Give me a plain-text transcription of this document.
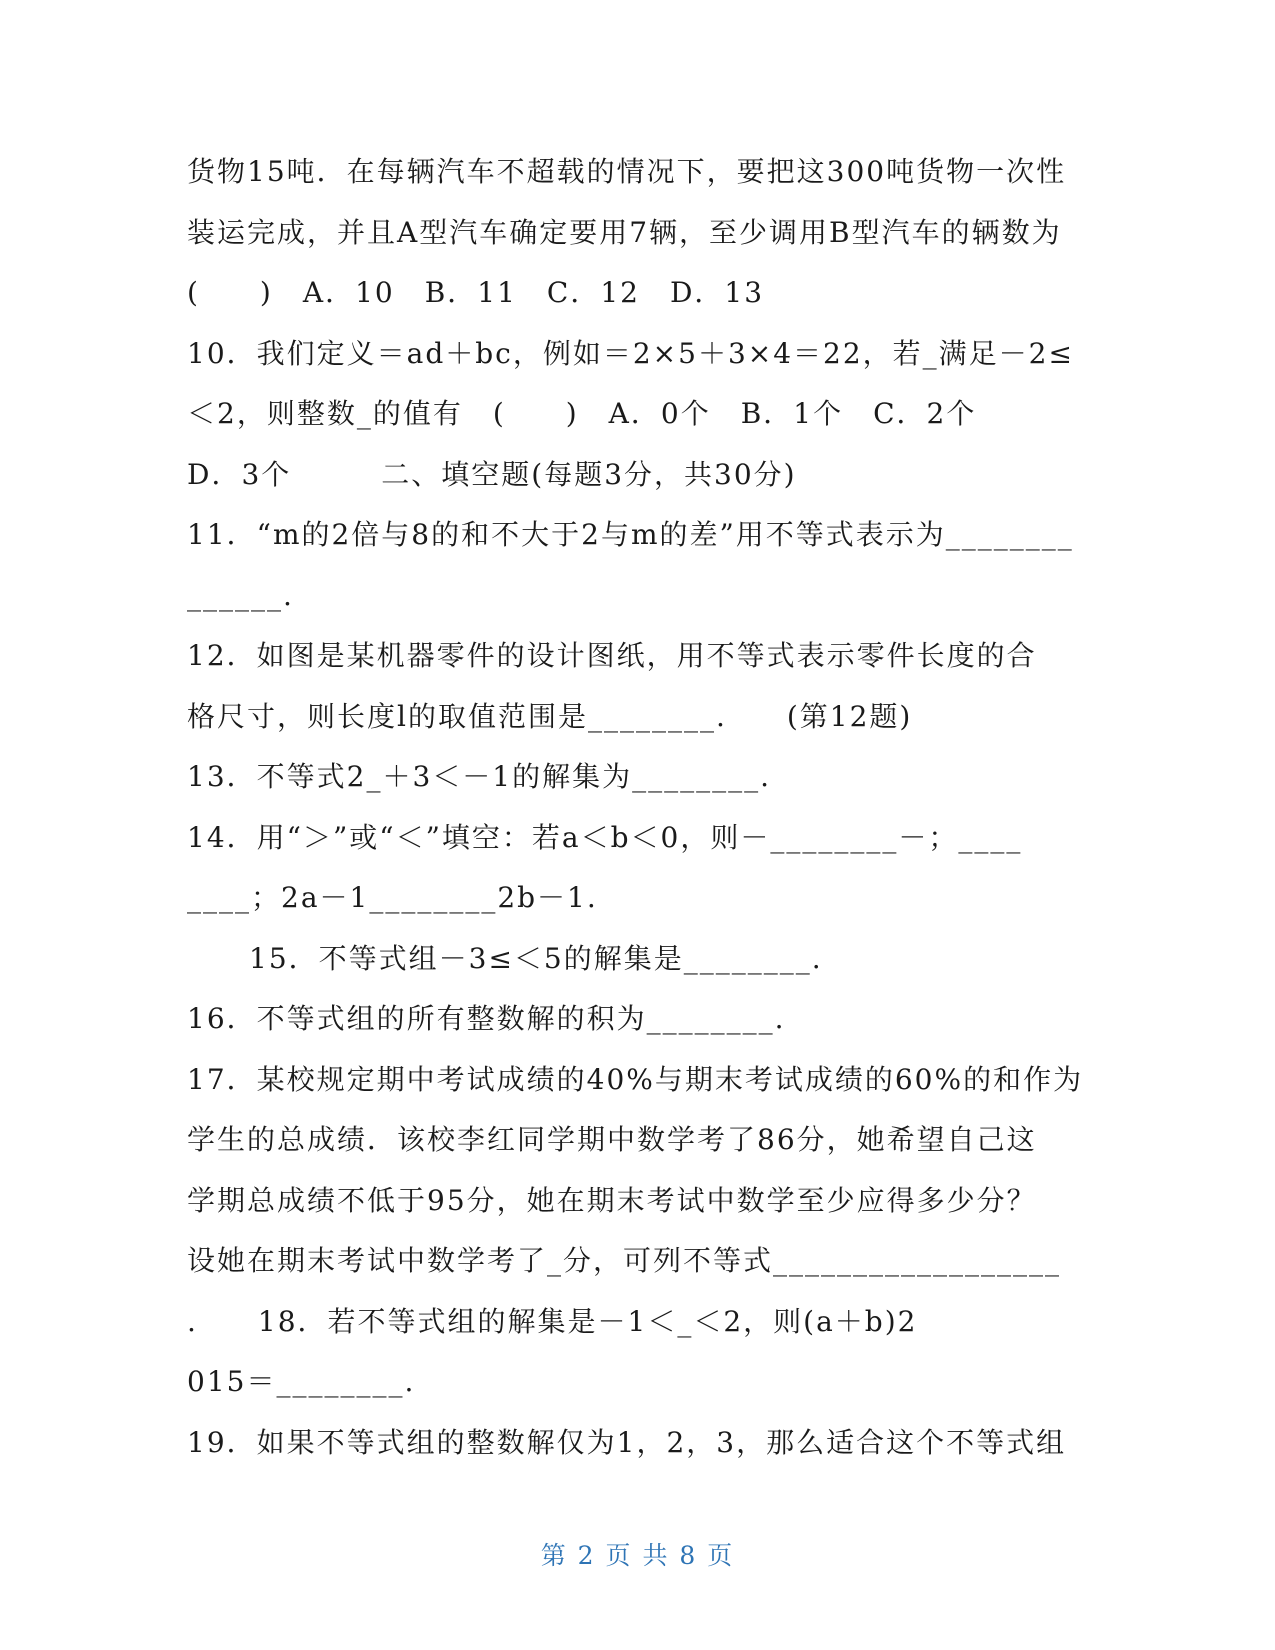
货物15吨．在每辆汽车不超载的情况下，要把这300吨货物一次性
装运完成，并且A型汽车确定要用7辆，至少调用B型汽车的辆数为
(　　)　A．10　B．11　C．12　D．13
10．我们定义＝ad＋bc，例如＝2×5＋3×4＝22，若_满足－2≤
＜2，则整数_的值有　(　　)　A．0个　B．1个　C．2个
D．3个　　　二、填空题(每题3分，共30分)
11．“m的2倍与8的和不大于2与m的差”用不等式表示为________
______.
12．如图是某机器零件的设计图纸，用不等式表示零件长度的合
格尺寸，则长度l的取值范围是________.　　(第12题)
13．不等式2_＋3＜－1的解集为________.
14．用“＞”或“＜”填空：若a＜b＜0，则－________－；____
____；2a－1________2b－1.
15．不等式组－3≤＜5的解集是________.
16．不等式组的所有整数解的积为________.
17．某校规定期中考试成绩的40%与期末考试成绩的60%的和作为
学生的总成绩．该校李红同学期中数学考了86分，她希望自己这
学期总成绩不低于95分，她在期末考试中数学至少应得多少分？
设她在期末考试中数学考了_分，可列不等式__________________
.　　18．若不等式组的解集是－1＜_＜2，则(a＋b)2
015＝________.
19．如果不等式组的整数解仅为1，2，3，那么适合这个不等式组
第 2 页 共 8 页
